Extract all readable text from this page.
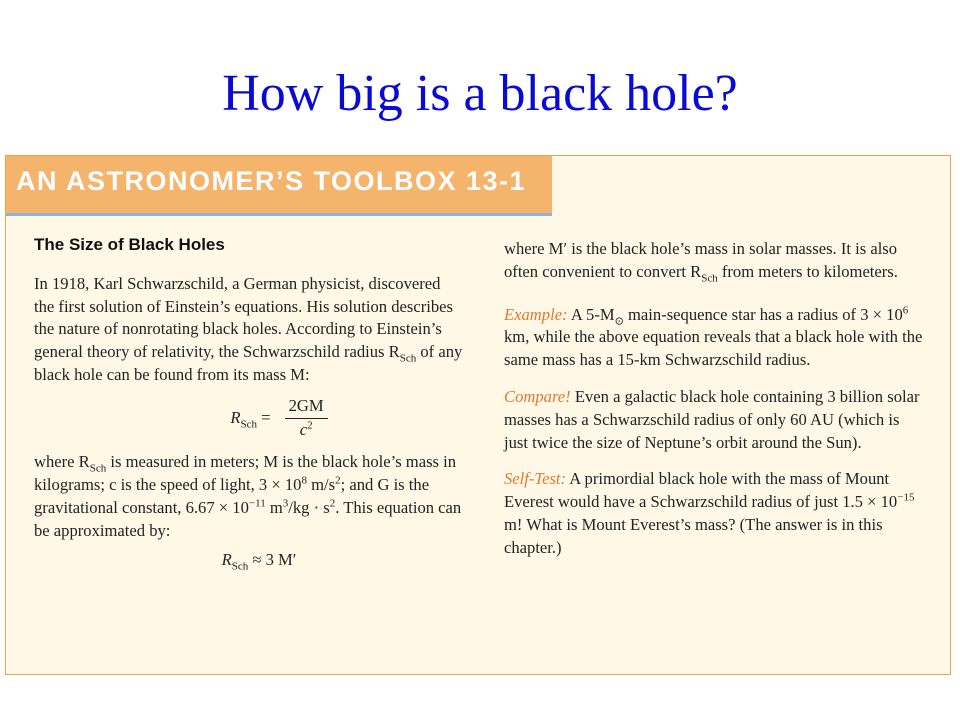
How big is a black hole?
AN ASTRONOMER’S TOOLBOX 13-1
The Size of Black Holes

In 1918, Karl Schwarzschild, a German physicist, discovered the first solution of Einstein’s equations. His solution describes the nature of nonrotating black holes. According to Einstein’s general theory of relativity, the Schwarzschild radius $R_{Sch}$ of any black hole can be found from its mass M:

$R_{Sch} = \frac{2GM}{c^2}$

where $R_{Sch}$ is measured in meters; M is the black hole’s mass in kilograms; c is the speed of light, $3 \times 10^8$ $m/s^2$; and G is the gravitational constant, $6.67 \times 10^{-11}$ $m^3/kg \cdot s^2$. This equation can be approximated by:

$R_{Sch} \approx 3$ M′

where M′ is the black hole’s mass in solar masses. It is also often convenient to convert $R_{Sch}$ from meters to kilometers.

Example: A $5-M_⊙$ main-sequence star has a radius of $3 \times 10^6$ km, while the above equation reveals that a black hole with the same mass has a 15-km Schwarzschild radius.

Compare! Even a galactic black hole containing 3 billion solar masses has a Schwarzschild radius of only 60 AU (which is just twice the size of Neptune’s orbit around the Sun).

Self-Test: A primordial black hole with the mass of Mount Everest would have a Schwarzschild radius of just $1.5 \times 10^{-15}$ m! What is Mount Everest’s mass? (The answer is in this chapter.)
